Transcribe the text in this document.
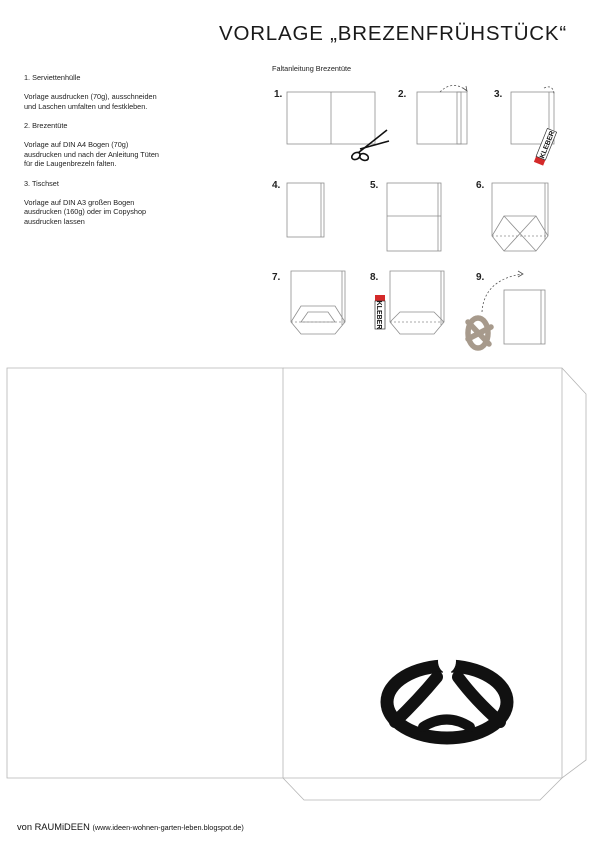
VORLAGE „BREZENFRÜHSTÜCK“
1. Serviettenhülle
Vorlage ausdrucken (70g), ausschneiden und Laschen umfalten und festkleben.
2. Brezentüte
Vorlage auf DIN A4 Bogen (70g) ausdrucken und nach der Anleitung Tüten für die Laugenbrezeln falten.
3. Tischset
Vorlage auf DIN A3 großen Bogen ausdrucken (160g) oder im Copyshop ausdrucken lassen
Faltanleitung Brezentüte
1.	2.	3.
4.	5.	6.
7.	8.	9.
KLEBER
KLEBER
von RAUMiDEEN (www.ideen-wohnen-garten-leben.blogspot.de)
